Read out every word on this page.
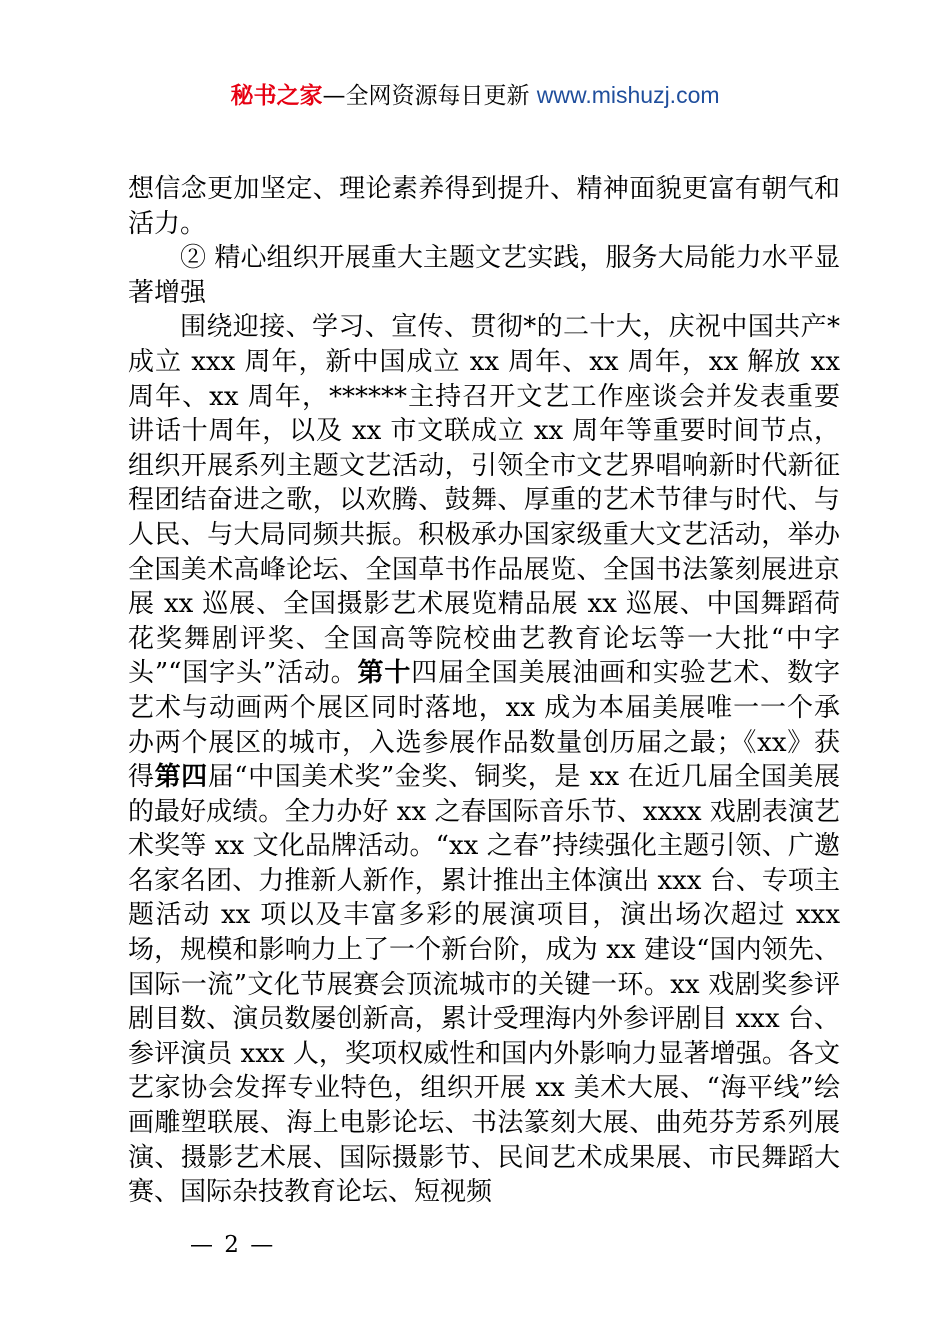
秘书之家—全网资源每日更新 www.mishuzj.com

想信念更加坚定、理论素养得到提升、精神面貌更富有朝气和活力。

② 精心组织开展重大主题文艺实践，服务大局能力水平显著增强

围绕迎接、学习、宣传、贯彻*的二十大，庆祝中国共产*成立 xxx 周年，新中国成立 xx 周年、xx 周年，xx 解放 xx 周年、xx 周年，******主持召开文艺工作座谈会并发表重要讲话十周年，以及 xx 市文联成立 xx 周年等重要时间节点，组织开展系列主题文艺活动，引领全市文艺界唱响新时代新征程团结奋进之歌，以欢腾、鼓舞、厚重的艺术节律与时代、与人民、与大局同频共振。积极承办国家级重大文艺活动，举办全国美术高峰论坛、全国草书作品展览、全国书法篆刻展进京展 xx 巡展、全国摄影艺术展览精品展 xx 巡展、中国舞蹈荷花奖舞剧评奖、全国高等院校曲艺教育论坛等一大批“中字头”“国字头”活动。第十四届全国美展油画和实验艺术、数字艺术与动画两个展区同时落地，xx 成为本届美展唯一一个承办两个展区的城市，入选参展作品数量创历届之最；《xx》获得第四届“中国美术奖”金奖、铜奖，是 xx 在近几届全国美展的最好成绩。全力办好 xx 之春国际音乐节、xxxx 戏剧表演艺术奖等 xx 文化品牌活动。“xx 之春”持续强化主题引领、广邀名家名团、力推新人新作，累计推出主体演出 xxx 台、专项主题活动 xx 项以及丰富多彩的展演项目，演出场次超过 xxx 场，规模和影响力上了一个新台阶，成为 xx 建设“国内领先、国际一流”文化节展赛会顶流城市的关键一环。xx 戏剧奖参评剧目数、演员数屡创新高，累计受理海内外参评剧目 xxx 台、参评演员 xxx 人，奖项权威性和国内外影响力显著增强。各文艺家协会发挥专业特色，组织开展 xx 美术大展、“海平线”绘画雕塑联展、海上电影论坛、书法篆刻大展、曲苑芬芳系列展演、摄影艺术展、国际摄影节、民间艺术成果展、市民舞蹈大赛、国际杂技教育论坛、短视频

— 2 —
